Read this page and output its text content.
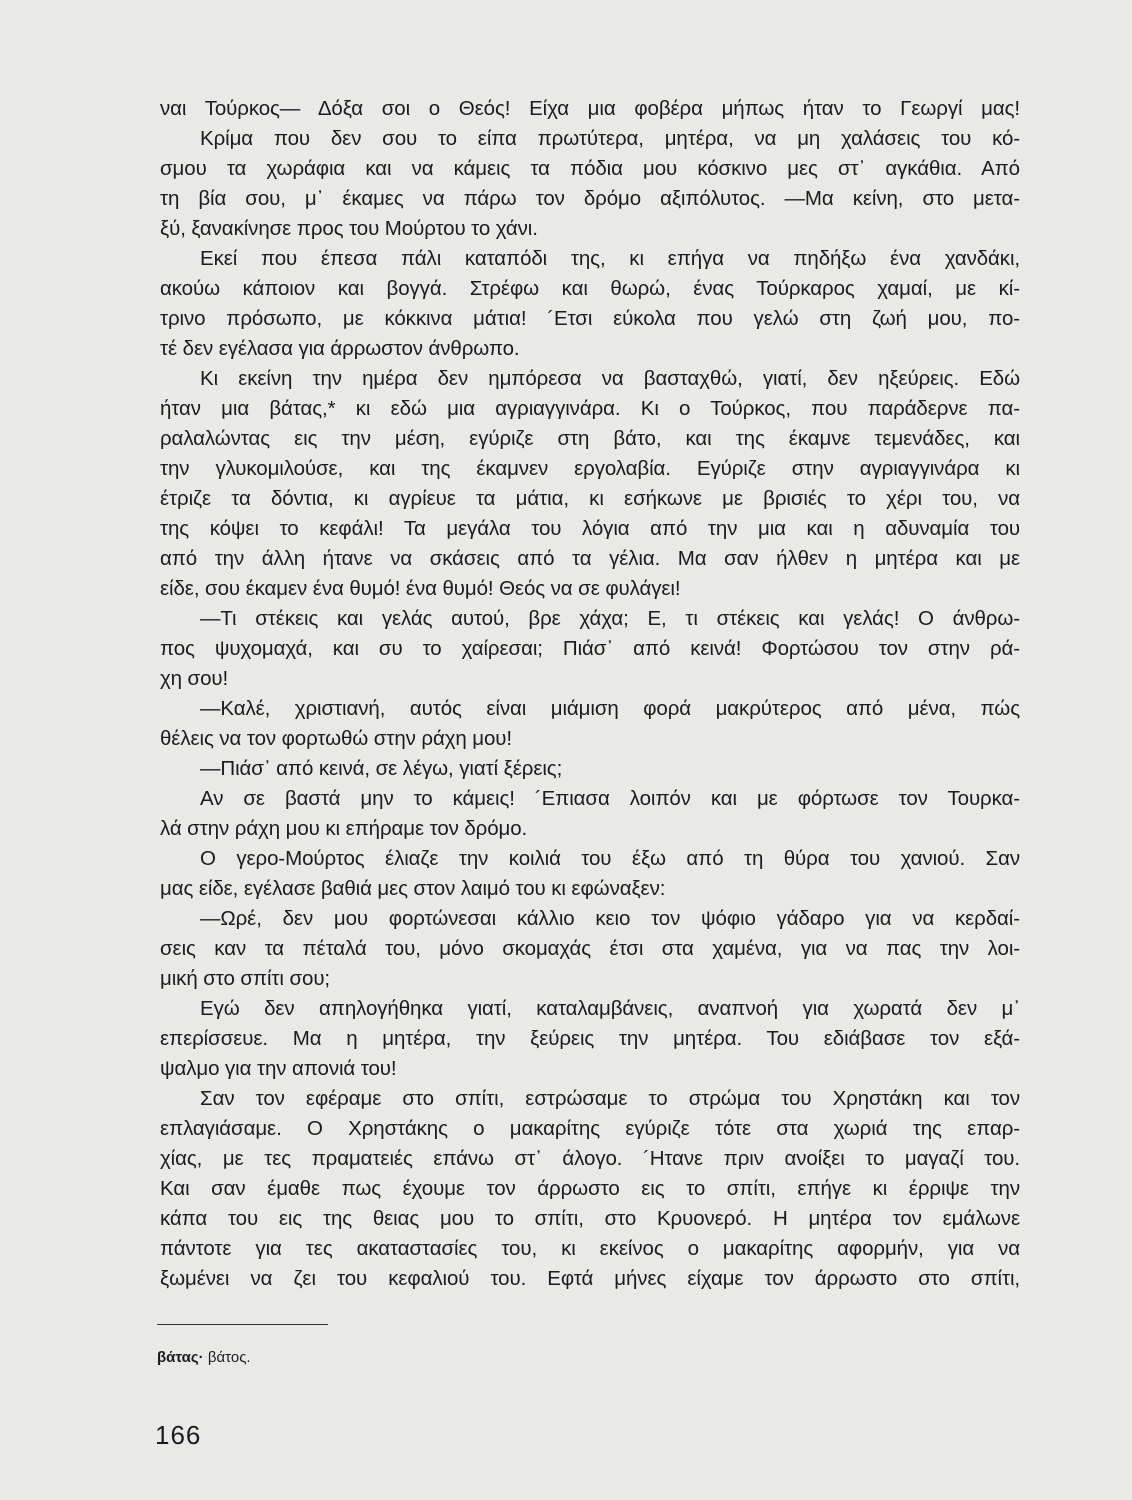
ναι Τούρκος— Δόξα σοι ο Θεός! Είχα μια φοβέρα μήπως ήταν το Γεωργί μας!
Κρίμα που δεν σου το είπα πρωτύτερα, μητέρα, να μη χαλάσεις του κό-
σμου τα χωράφια και να κάμεις τα πόδια μου κόσκινο μες στ᾽ αγκάθια. Από
τη βία σου, μ᾽ έκαμες να πάρω τον δρόμο αξιπόλυτος. —Μα κείνη, στο μετα-
ξύ, ξανακίνησε προς του Μούρτου το χάνι.
Εκεί που έπεσα πάλι καταπόδι της, κι επήγα να πηδήξω ένα χανδάκι,
ακούω κάποιον και βογγά. Στρέφω και θωρώ, ένας Τούρκαρος χαμαί, με κί-
τρινο πρόσωπο, με κόκκινα μάτια! ´Ετσι εύκολα που γελώ στη ζωή μου, πο-
τέ δεν εγέλασα για άρρωστον άνθρωπο.
Κι εκείνη την ημέρα δεν ημπόρεσα να βασταχθώ, γιατί, δεν ηξεύρεις. Εδώ
ήταν μια βάτας,* κι εδώ μια αγριαγγινάρα. Κι ο Τούρκος, που παράδερνε πα-
ραλαλώντας εις την μέση, εγύριζε στη βάτο, και της έκαμνε τεμενάδες, και
την γλυκομιλούσε, και της έκαμνεν εργολαβία. Εγύριζε στην αγριαγγινάρα κι
έτριζε τα δόντια, κι αγρίευε τα μάτια, κι εσήκωνε με βρισιές το χέρι του, να
της κόψει το κεφάλι! Τα μεγάλα του λόγια από την μια και η αδυναμία του
από την άλλη ήτανε να σκάσεις από τα γέλια. Μα σαν ήλθεν η μητέρα και με
είδε, σου έκαμεν ένα θυμό! ένα θυμό! Θεός να σε φυλάγει!
—Τι στέκεις και γελάς αυτού, βρε χάχα; Ε, τι στέκεις και γελάς! Ο άνθρω-
πος ψυχομαχά, και συ το χαίρεσαι; Πιάσ᾽ από κεινά! Φορτώσου τον στην ρά-
χη σου!
—Καλέ, χριστιανή, αυτός είναι μιάμιση φορά μακρύτερος από μένα, πώς
θέλεις να τον φορτωθώ στην ράχη μου!
—Πιάσ᾽ από κεινά, σε λέγω, γιατί ξέρεις;
Αν σε βαστά μην το κάμεις! ´Επιασα λοιπόν και με φόρτωσε τον Τουρκα-
λά στην ράχη μου κι επήραμε τον δρόμο.
Ο γερο-Μούρτος έλιαζε την κοιλιά του έξω από τη θύρα του χανιού. Σαν
μας είδε, εγέλασε βαθιά μες στον λαιμό του κι εφώναξεν:
—Ωρέ, δεν μου φορτώνεσαι κάλλιο κειο τον ψόφιο γάδαρο για να κερδαί-
σεις καν τα πέταλά του, μόνο σκομαχάς έτσι στα χαμένα, για να πας την λοι-
μική στο σπίτι σου;
Εγώ δεν απηλογήθηκα γιατί, καταλαμβάνεις, αναπνοή για χωρατά δεν μ᾽
επερίσσευε. Μα η μητέρα, την ξεύρεις την μητέρα. Του εδιάβασε τον εξά-
ψαλμο για την απονιά του!
Σαν τον εφέραμε στο σπίτι, εστρώσαμε το στρώμα του Χρηστάκη και τον
επλαγιάσαμε. Ο Χρηστάκης ο μακαρίτης εγύριζε τότε στα χωριά της επαρ-
χίας, με τες πραματειές επάνω στ᾽ άλογο. ´Ητανε πριν ανοίξει το μαγαζί του.
Και σαν έμαθε πως έχουμε τον άρρωστο εις το σπίτι, επήγε κι έρριψε την
κάπα του εις της θειας μου το σπίτι, στο Κρυονερό. Η μητέρα τον εμάλωνε
πάντοτε για τες ακαταστασίες του, κι εκείνος ο μακαρίτης αφορμήν, για να
ξωμένει να ζει του κεφαλιού του. Εφτά μήνες είχαμε τον άρρωστο στο σπίτι,
βάτας· βάτος.
166
